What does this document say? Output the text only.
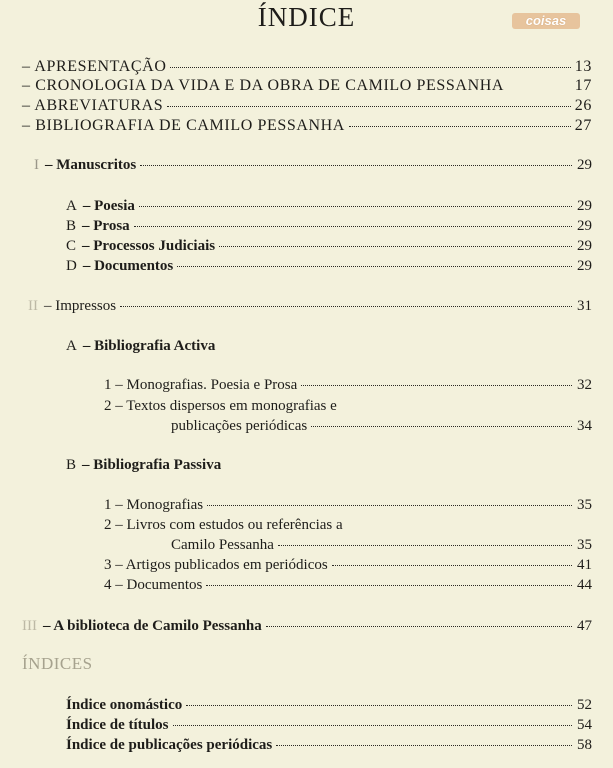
ÍNDICE	coisas
– APRESENTAÇÃO	13
– CRONOLOGIA DA VIDA E DA OBRA DE CAMILO PESSANHA	17
– ABREVIATURAS	26
– BIBLIOGRAFIA DE CAMILO PESSANHA	27
I – Manuscritos	29
A – Poesia	29
B – Prosa	29
C – Processos Judiciais	29
D – Documentos	29
II – Impressos	31
A – Bibliografia Activa
1 – Monografias. Poesia e Prosa	32
2 – Textos dispersos em monografias e
publicações periódicas	34
B – Bibliografia Passiva
1 – Monografias	35
2 – Livros com estudos ou referências a
Camilo Pessanha	35
3 – Artigos publicados em periódicos	41
4 – Documentos	44
III – A biblioteca de Camilo Pessanha	47
ÍNDICES
Índice onomástico	52
Índice de títulos	54
Índice de publicações periódicas	58
